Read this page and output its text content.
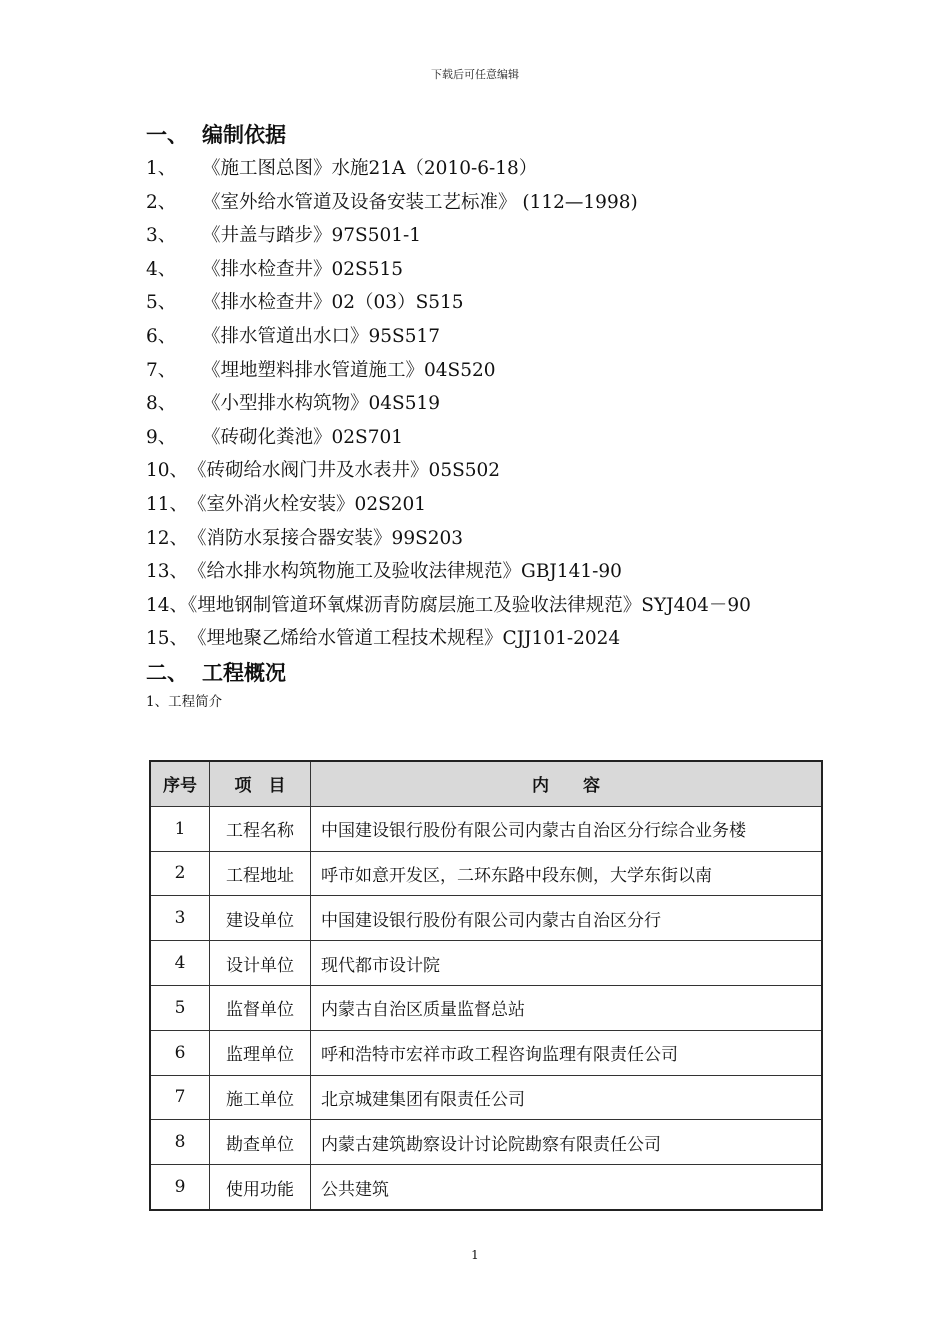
下载后可任意编辑
一、 编制依据
1、	《施工图总图》水施21A（2010-6-18）
2、	《室外给水管道及设备安装工艺标准》 (112—1998)
3、	《井盖与踏步》97S501-1
4、	《排水检查井》02S515
5、	《排水检查井》02（03）S515
6、	《排水管道出水口》95S517
7、	《埋地塑料排水管道施工》04S520
8、	《小型排水构筑物》04S519
9、	《砖砌化粪池》02S701
10、 《砖砌给水阀门井及水表井》05S502
11、 《室外消火栓安装》02S201
12、 《消防水泵接合器安装》99S203
13、 《给水排水构筑物施工及验收法律规范》GBJ141-90
14、《埋地钢制管道环氧煤沥青防腐层施工及验收法律规范》SYJ404－90
15、 《埋地聚乙烯给水管道工程技术规程》CJJ101-2024
二、 工程概况
1、工程简介
序号	项　目	内　　容
1	工程名称	中国建设银行股份有限公司内蒙古自治区分行综合业务楼
2	工程地址	呼市如意开发区，二环东路中段东侧，大学东街以南
3	建设单位	中国建设银行股份有限公司内蒙古自治区分行
4	设计单位	现代都市设计院
5	监督单位	内蒙古自治区质量监督总站
6	监理单位	呼和浩特市宏祥市政工程咨询监理有限责任公司
7	施工单位	北京城建集团有限责任公司
8	勘查单位	内蒙古建筑勘察设计讨论院勘察有限责任公司
9	使用功能	公共建筑
1
